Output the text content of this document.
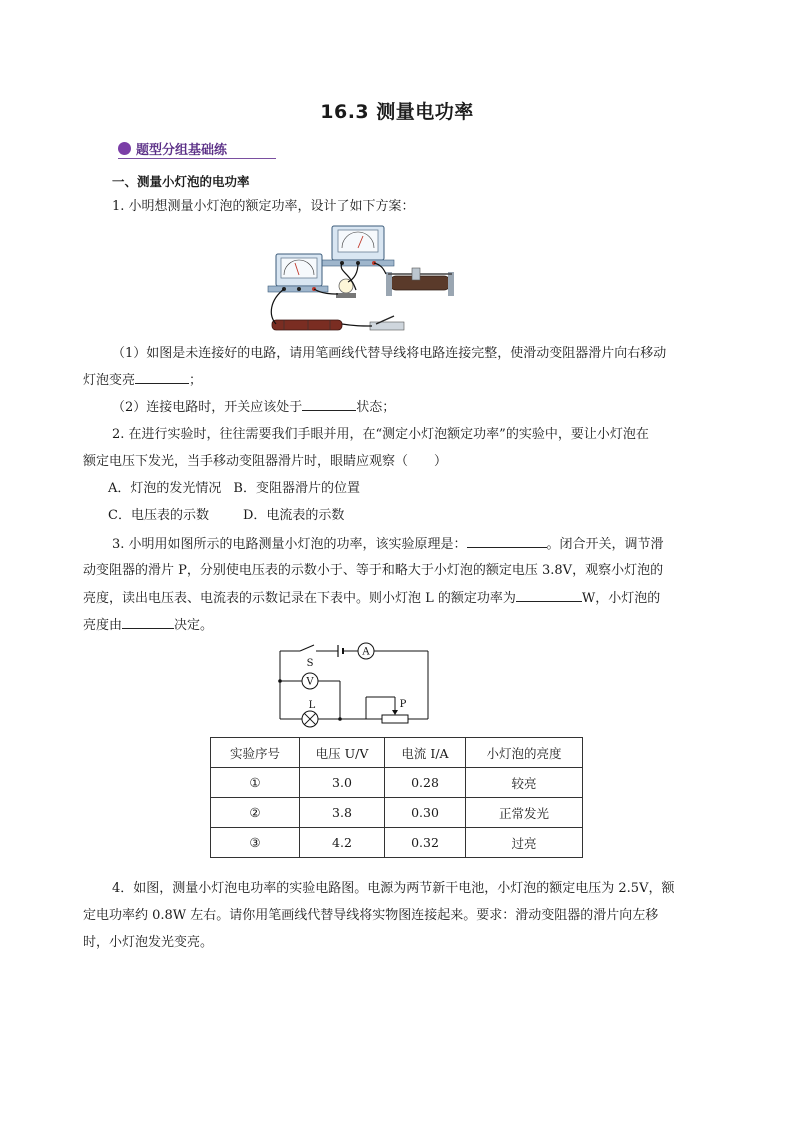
16.3 测量电功率
题型分组基础练
一、测量小灯泡的电功率
1. 小明想测量小灯泡的额定功率，设计了如下方案：
（1）如图是未连接好的电路，请用笔画线代替导线将电路连接完整，使滑动变阻器滑片向右移动
灯泡变亮	；
（2）连接电路时，开关应该处于	状态；
2. 在进行实验时，往往需要我们手眼并用，在“测定小灯泡额定功率”的实验中，要让小灯泡在
额定电压下发光，当手移动变阻器滑片时，眼睛应观察（　　）
A．灯泡的发光情况 B．变阻器滑片的位置
C．电压表的示数	D．电流表的示数
3. 小明用如图所示的电路测量小灯泡的功率，该实验原理是：	。闭合开关，调节滑
动变阻器的滑片 P，分别使电压表的示数小于、等于和略大于小灯泡的额定电压 3.8V，观察小灯泡的
亮度，读出电压表、电流表的示数记录在下表中。则小灯泡 L 的额定功率为	W，小灯泡的
亮度由	决定。
S
A
V
L	P
实验序号	电压 U/V	电流 I/A	小灯泡的亮度
①	3.0	0.28	较亮
②	3.8	0.30	正常发光
③	4.2	0.32	过亮
4．如图，测量小灯泡电功率的实验电路图。电源为两节新干电池，小灯泡的额定电压为 2.5V，额
定电功率约 0.8W 左右。请你用笔画线代替导线将实物图连接起来。要求：滑动变阻器的滑片向左移
时，小灯泡发光变亮。
